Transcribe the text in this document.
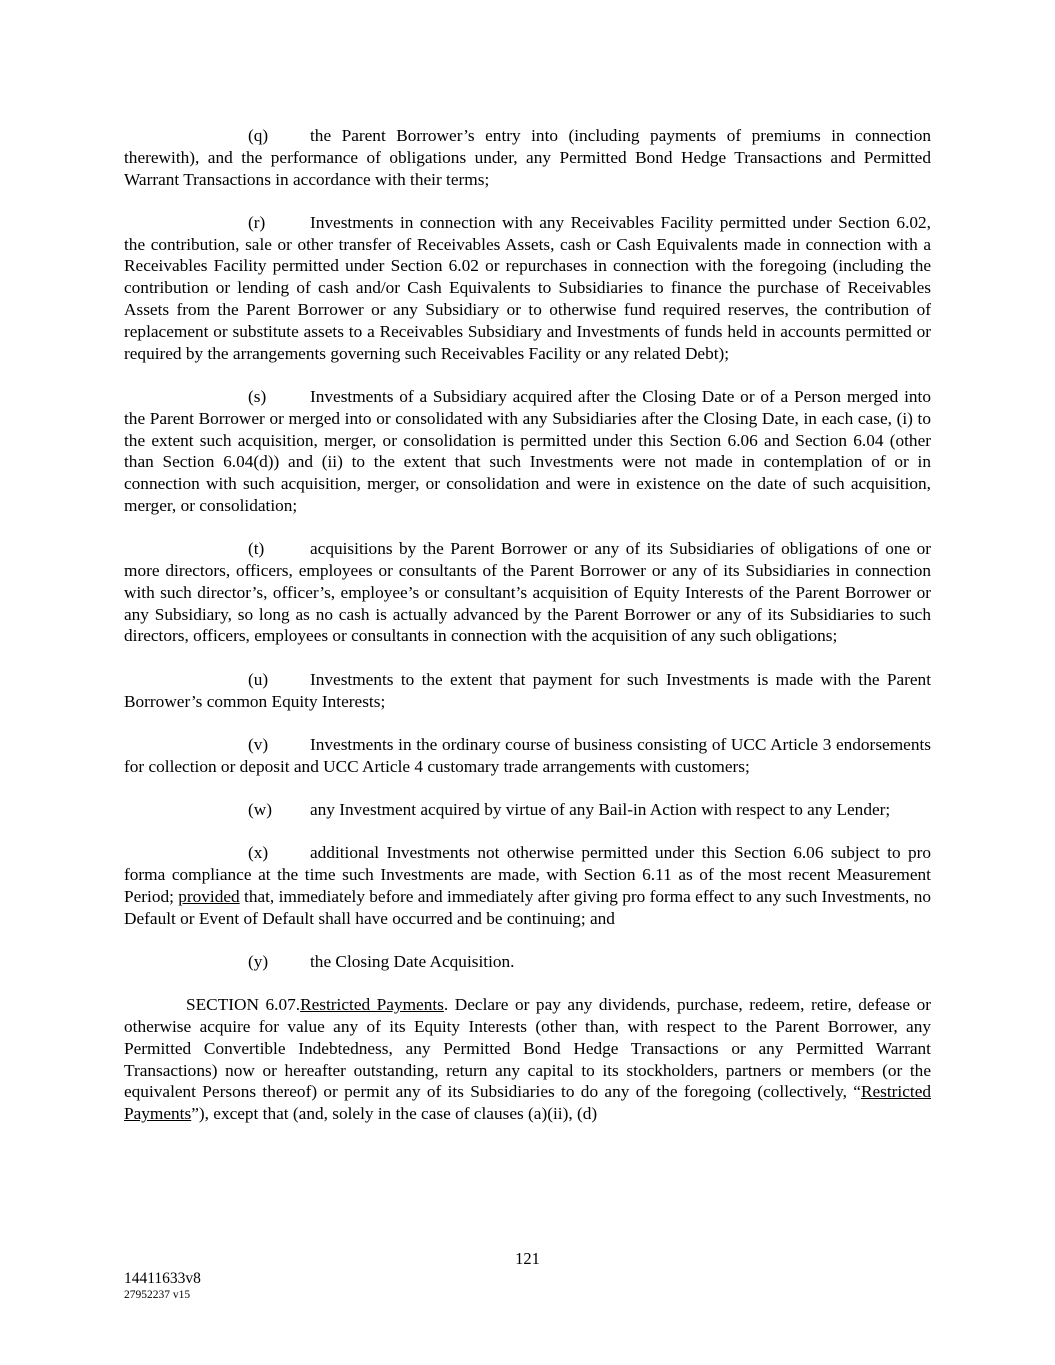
(q) the Parent Borrower’s entry into (including payments of premiums in connection therewith), and the performance of obligations under, any Permitted Bond Hedge Transactions and Permitted Warrant Transactions in accordance with their terms;

(r)	Investments in connection with any Receivables Facility permitted under Section 6.02, the contribution, sale or other transfer of Receivables Assets, cash or Cash Equivalents made in connection with a Receivables Facility permitted under Section 6.02 or repurchases in connection with the foregoing (including the contribution or lending of cash and/or Cash Equivalents to Subsidiaries to finance the purchase of Receivables Assets from the Parent Borrower or any Subsidiary or to otherwise fund required reserves, the contribution of replacement or substitute assets to a Receivables Subsidiary and Investments of funds held in accounts permitted or required by the arrangements governing such Receivables Facility or any related Debt);

(s)	Investments of a Subsidiary acquired after the Closing Date or of a Person merged into the Parent Borrower or merged into or consolidated with any Subsidiaries after the Closing Date, in each case, (i) to the extent such acquisition, merger, or consolidation is permitted under this Section 6.06 and Section 6.04 (other than Section 6.04(d)) and (ii) to the extent that such Investments were not made in contemplation of or in connection with such acquisition, merger, or consolidation and were in existence on the date of such acquisition, merger, or consolidation;

(t)	acquisitions by the Parent Borrower or any of its Subsidiaries of obligations of one or more directors, officers, employees or consultants of the Parent Borrower or any of its Subsidiaries in connection with such director’s, officer’s, employee’s or consultant’s acquisition of Equity Interests of the Parent Borrower or any Subsidiary, so long as no cash is actually advanced by the Parent Borrower or any of its Subsidiaries to such directors, officers, employees or consultants in connection with the acquisition of any such obligations;

(u) Investments to the extent that payment for such Investments is made with the Parent Borrower’s common Equity Interests;

(v) Investments in the ordinary course of business consisting of UCC Article 3 endorsements for collection or deposit and UCC Article 4 customary trade arrangements with customers;

(w) any Investment acquired by virtue of any Bail-in Action with respect to any Lender;

(x) additional Investments not otherwise permitted under this Section 6.06 subject to pro forma compliance at the time such Investments are made, with Section 6.11 as of the most recent Measurement Period; provided that, immediately before and immediately after giving pro forma effect to any such Investments, no Default or Event of Default shall have occurred and be continuing; and

(y) the Closing Date Acquisition.

SECTION 6.07.Restricted Payments. Declare or pay any dividends, purchase, redeem, retire, defease or otherwise acquire for value any of its Equity Interests (other than, with respect to the Parent Borrower, any Permitted Convertible Indebtedness, any Permitted Bond Hedge Transactions or any Permitted Warrant Transactions) now or hereafter outstanding, return any capital to its stockholders, partners or members (or the equivalent Persons thereof) or permit any of its Subsidiaries to do any of the foregoing (collectively, “Restricted Payments”), except that (and, solely in the case of clauses (a)(ii), (d)

121
14411633v8
27952237 v15
